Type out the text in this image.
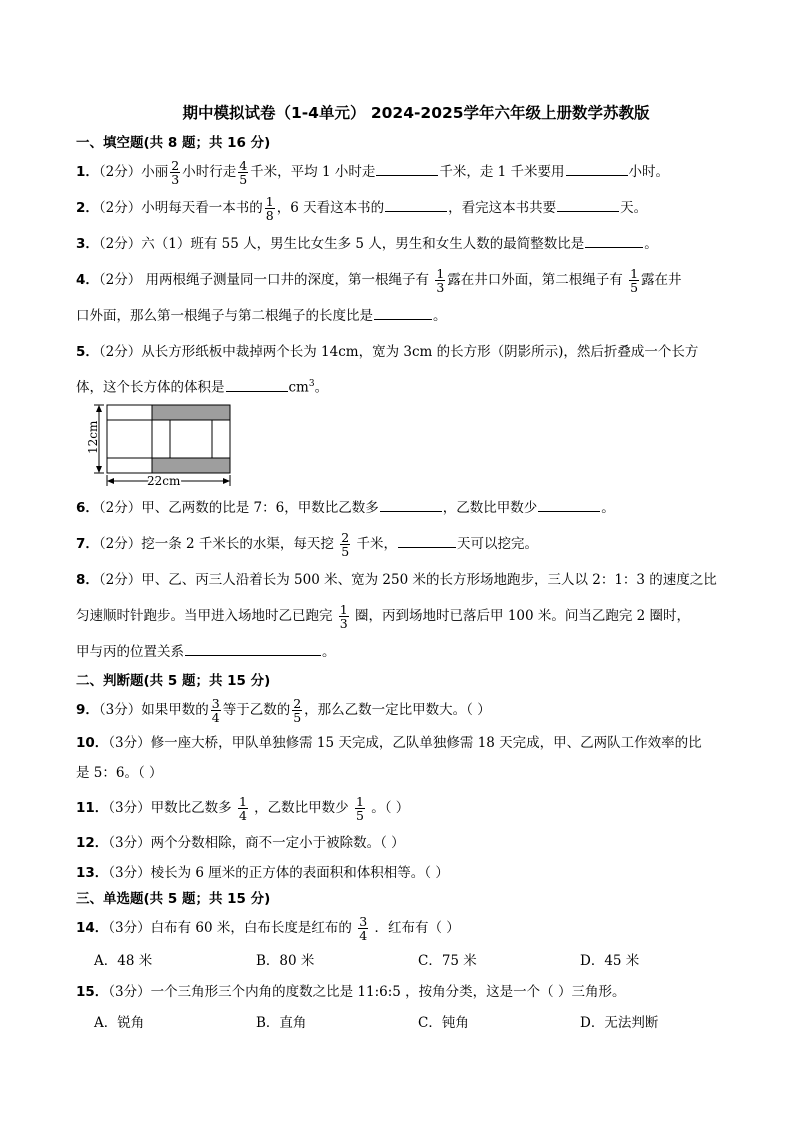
期中模拟试卷（1-4单元） 2024-2025学年六年级上册数学苏教版
一、填空题(共 8 题；共 16 分)
1．（2分）小丽 $\frac{2}{3}$ 小时行走 $\frac{4}{5}$ 千米，平均 1 小时走	千米，走 1 千米要用	小时。
2．（2分）小明每天看一本书的 $\frac{1}{8}$ ，6 天看这本书的	，看完这本书共要	天。
3．（2分）六（1）班有 55 人，男生比女生多 5 人，男生和女生人数的最简整数比是	。
4．（2分） 用两根绳子测量同一口井的深度，第一根绳子有 $\frac{1}{3}$ 露在井口外面，第二根绳子有 $\frac{1}{5}$ 露在井
口外面，那么第一根绳子与第二根绳子的长度比是	。
5．（2分）从长方形纸板中裁掉两个长为 14cm，宽为 3cm 的长方形（阴影所示)，然后折叠成一个长方
体，这个长方体的体积是	$cm^3$。
12cm
22cm
6．（2分）甲、乙两数的比是 7：6，甲数比乙数多	，乙数比甲数少	。
7．（2分）挖一条 2 千米长的水渠，每天挖 $\frac{2}{5}$ 千米，	天可以挖完。
8．（2分）甲、乙、丙三人沿着长为 500 米、宽为 250 米的长方形场地跑步，三人以 2：1：3 的速度之比
匀速顺时针跑步。当甲进入场地时乙已跑完 $\frac{1}{3}$ 圈，丙到场地时已落后甲 100 米。问当乙跑完 2 圈时，
甲与丙的位置关系	。
二、判断题(共 5 题；共 15 分)
9．（3分）如果甲数的 $\frac{3}{4}$ 等于乙数的 $\frac{2}{5}$ ，那么乙数一定比甲数大。（ ）
10．（3分）修一座大桥，甲队单独修需 15 天完成，乙队单独修需 18 天完成，甲、乙两队工作效率的比
是 5：6。（ ）
11．（3分）甲数比乙数多 $\frac{1}{4}$ ，乙数比甲数少 $\frac{1}{5}$ 。（ ）
12．（3分）两个分数相除，商不一定小于被除数。（ ）
13．（3分）棱长为 6 厘米的正方体的表面积和体积相等。（ ）
三、单选题(共 5 题；共 15 分)
14．（3分）白布有 60 米，白布长度是红布的 $\frac{3}{4}$ ．红布有（ ）
A．48 米	B．80 米	C．75 米	D．45 米
15．（3分）一个三角形三个内角的度数之比是 11:6:5 ，按角分类，这是一个（ ）三角形。
A．锐角	B．直角	C．钝角	D．无法判断
